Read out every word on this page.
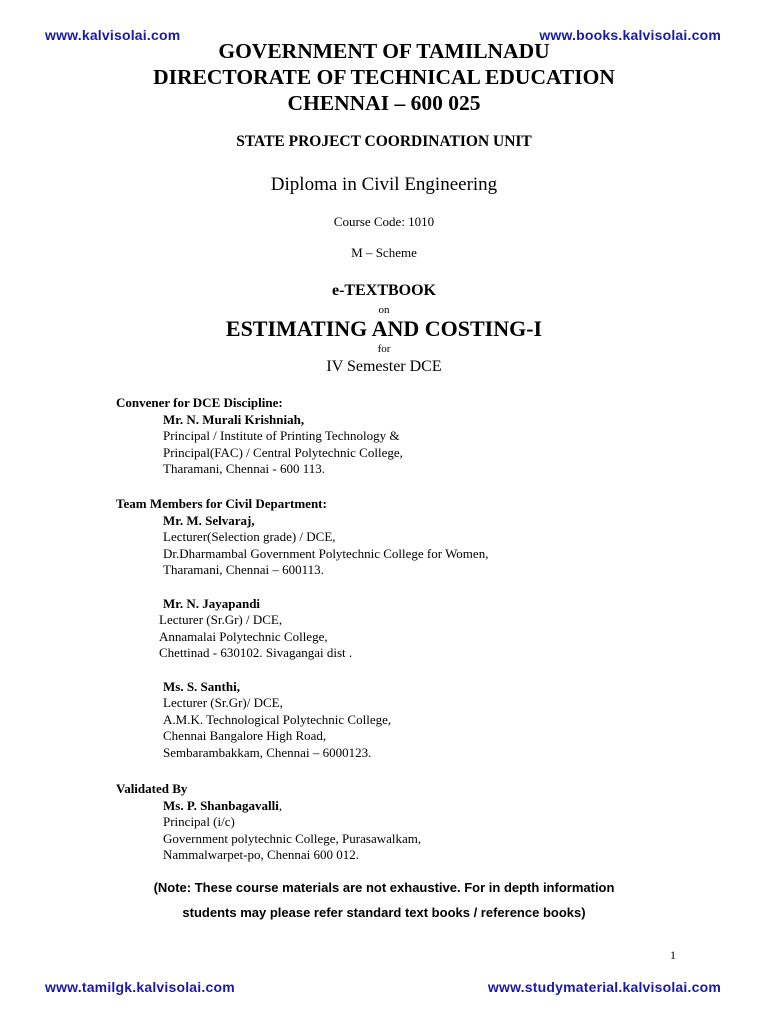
www.kalvisolai.com	www.books.kalvisolai.com
GOVERNMENT OF TAMILNADU
DIRECTORATE OF TECHNICAL EDUCATION
CHENNAI – 600 025
STATE PROJECT COORDINATION UNIT
Diploma in Civil Engineering
Course Code: 1010
M – Scheme
e-TEXTBOOK
on
ESTIMATING AND COSTING-I
for
IV Semester DCE
Convener for DCE Discipline:
Mr. N. Murali Krishniah,
Principal / Institute of Printing Technology &
Principal(FAC) / Central Polytechnic College,
Tharamani, Chennai - 600 113.
Team Members for Civil Department:
Mr. M. Selvaraj,
Lecturer(Selection grade) / DCE,
Dr.Dharmambal Government Polytechnic College for Women,
Tharamani, Chennai – 600113.
Mr. N. Jayapandi
Lecturer (Sr.Gr) / DCE,
Annamalai Polytechnic College,
Chettinad - 630102. Sivagangai dist .
Ms. S. Santhi,
Lecturer (Sr.Gr)/ DCE,
A.M.K. Technological Polytechnic College,
Chennai Bangalore High Road,
Sembarambakkam, Chennai – 6000123.
Validated By
Ms. P. Shanbagavalli,
Principal (i/c)
Government polytechnic College, Purasawalkam,
Nammalwarpet-po, Chennai 600 012.
(Note: These course materials are not exhaustive. For in depth information
students may please refer standard text books / reference books)
1
www.tamilgk.kalvisolai.com	www.studymaterial.kalvisolai.com
